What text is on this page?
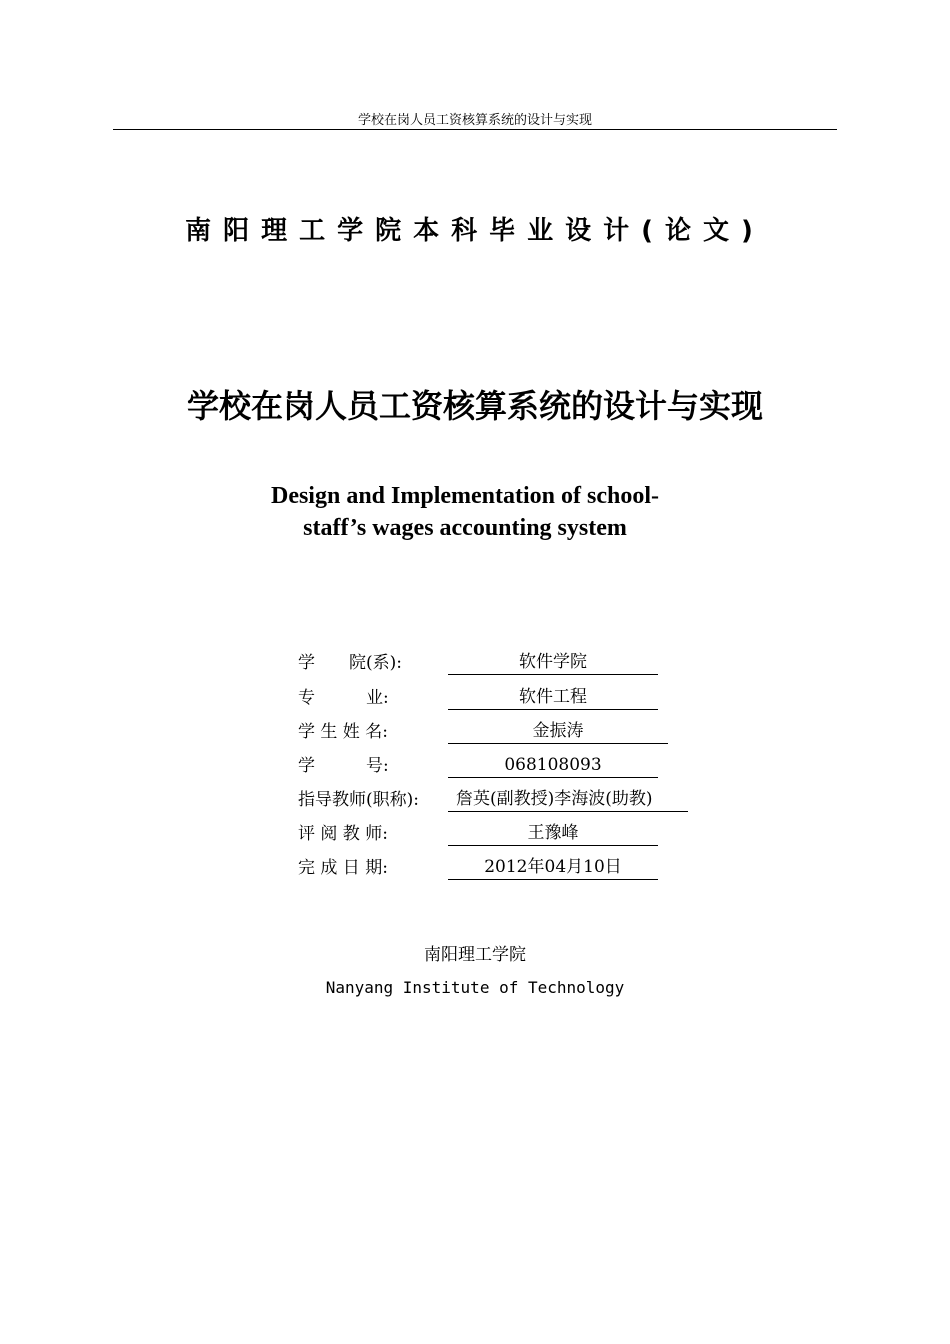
学校在岗人员工资核算系统的设计与实现
南阳理工学院本科毕业设计(论文)
学校在岗人员工资核算系统的设计与实现
Design and Implementation of school-
staff’s wages accounting system
学　　院(系):	软件学院
专　　　业:	软件工程
学 生 姓 名:	金振涛
学　　　号:	068108093
指导教师(职称):	詹英(副教授)李海波(助教)
评 阅 教 师:	王豫峰
完 成 日 期:	2012年04月10日
南阳理工学院
Nanyang Institute of Technology
